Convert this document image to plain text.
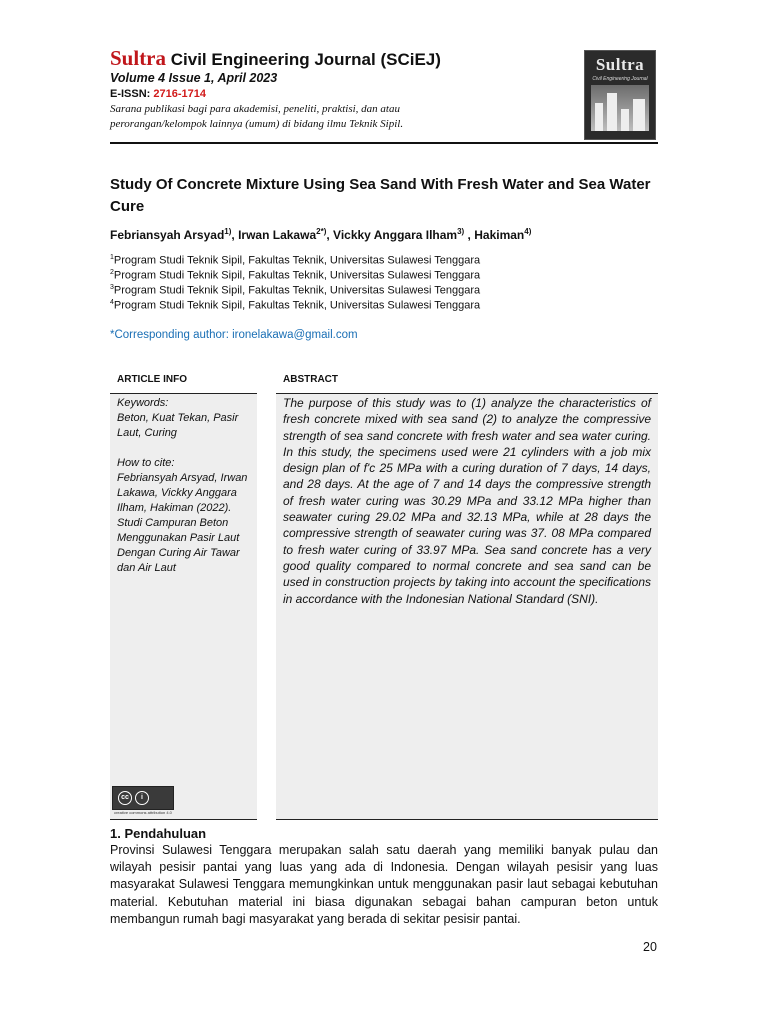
Sultra Civil Engineering Journal (SCiEJ)
Volume 4 Issue 1, April 2023
E-ISSN: 2716-1714
Sarana publikasi bagi para akademisi, peneliti, praktisi, dan atau perorangan/kelompok lainnya (umum) di bidang ilmu Teknik Sipil.
Sultra
Civil Engineering Journal
Study Of Concrete Mixture Using Sea Sand With Fresh Water and Sea Water Cure
Febriansyah Arsyad$^{1)}$, Irwan Lakawa$^{2*)}$, Vickky Anggara Ilham$^{3)}$ , Hakiman$^{4)}$
$^1$Program Studi Teknik Sipil, Fakultas Teknik, Universitas Sulawesi Tenggara
$^2$Program Studi Teknik Sipil, Fakultas Teknik, Universitas Sulawesi Tenggara
$^3$Program Studi Teknik Sipil, Fakultas Teknik, Universitas Sulawesi Tenggara
$^4$Program Studi Teknik Sipil, Fakultas Teknik, Universitas Sulawesi Tenggara
*Corresponding author: ironelakawa@gmail.com
ARTICLE INFO	ABSTRACT
Keywords:
Beton, Kuat Tekan, Pasir Laut, Curing
How to cite:
Febriansyah Arsyad, Irwan Lakawa, Vickky Anggara Ilham, Hakiman (2022). Studi Campuran Beton Menggunakan Pasir Laut Dengan Curing Air Tawar dan Air Laut
cc	i
creative commons attribution 4.0
The purpose of this study was to (1) analyze the characteristics of fresh concrete mixed with sea sand (2) to analyze the compressive strength of sea sand concrete with fresh water and sea water curing. In this study, the specimens used were 21 cylinders with a job mix design plan of f'c 25 MPa with a curing duration of 7 days, 14 days, and 28 days. At the age of 7 and 14 days the compressive strength of fresh water curing was 30.29 MPa and 33.12 MPa higher than seawater curing 29.02 MPa and 32.13 MPa, while at 28 days the compressive strength of seawater curing was 37. 08 MPa compared to fresh water curing of 33.97 MPa. Sea sand concrete has a very good quality compared to normal concrete and sea sand can be used in construction projects by taking into account the specifications in accordance with the Indonesian National Standard (SNI).
1. Pendahuluan
Provinsi Sulawesi Tenggara merupakan salah satu daerah yang memiliki banyak pulau dan wilayah pesisir pantai yang luas yang ada di Indonesia. Dengan wilayah pesisir yang luas masyarakat Sulawesi Tenggara memungkinkan untuk menggunakan pasir laut sebagai kebutuhan material. Kebutuhan material ini biasa digunakan sebagai bahan campuran beton untuk membangun rumah bagi masyarakat yang berada di sekitar pesisir pantai.
20
